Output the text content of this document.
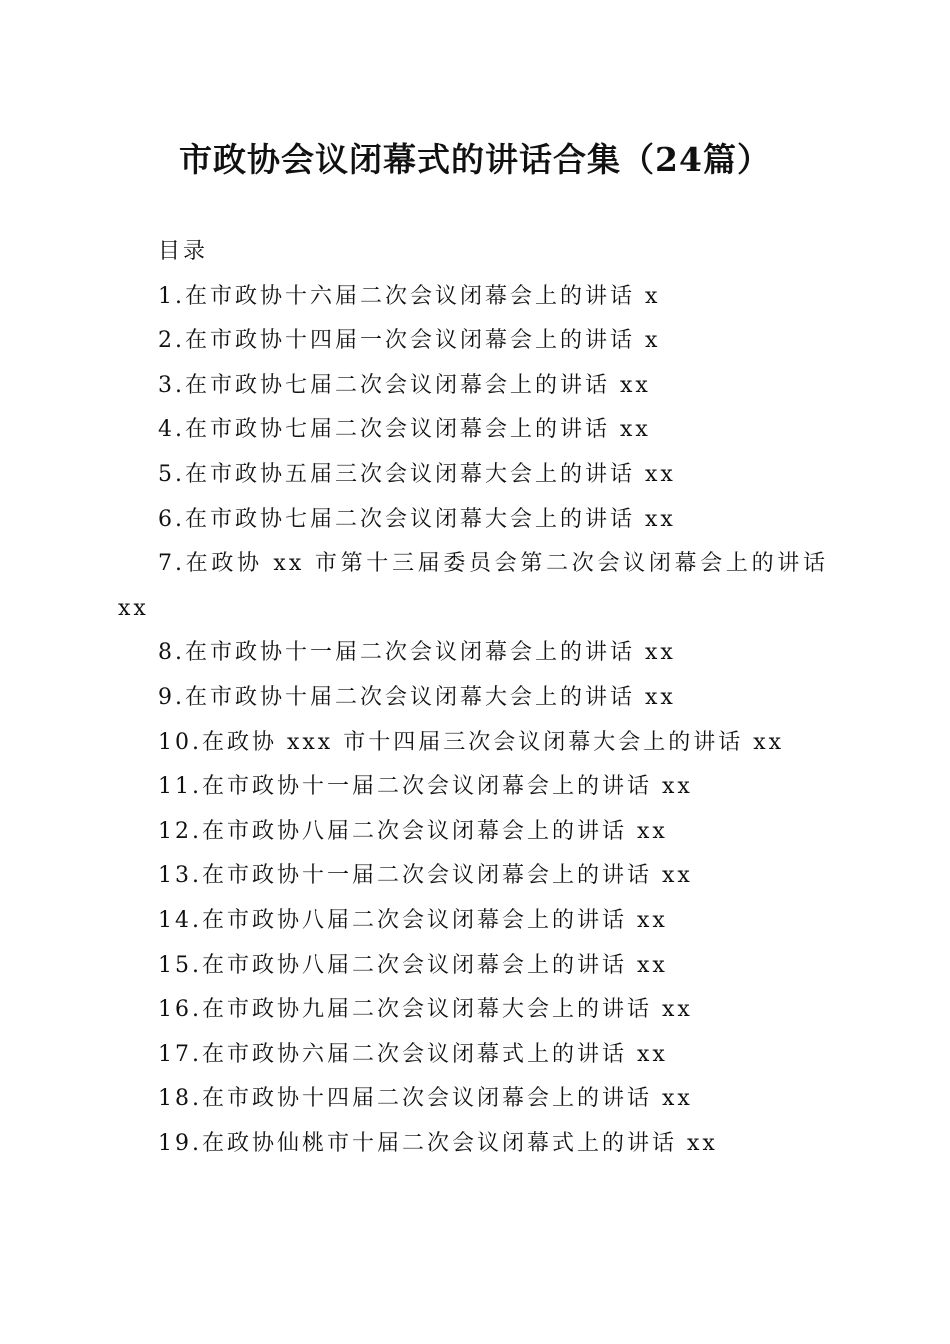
市政协会议闭幕式的讲话合集（24篇）
目录
1.在市政协十六届二次会议闭幕会上的讲话 x
2.在市政协十四届一次会议闭幕会上的讲话 x
3.在市政协七届二次会议闭幕会上的讲话 xx
4.在市政协七届二次会议闭幕会上的讲话 xx
5.在市政协五届三次会议闭幕大会上的讲话 xx
6.在市政协七届二次会议闭幕大会上的讲话 xx
7.在政协 xx 市第十三届委员会第二次会议闭幕会上的讲话 xx
8.在市政协十一届二次会议闭幕会上的讲话 xx
9.在市政协十届二次会议闭幕大会上的讲话 xx
10.在政协 xxx 市十四届三次会议闭幕大会上的讲话 xx
11.在市政协十一届二次会议闭幕会上的讲话 xx
12.在市政协八届二次会议闭幕会上的讲话 xx
13.在市政协十一届二次会议闭幕会上的讲话 xx
14.在市政协八届二次会议闭幕会上的讲话 xx
15.在市政协八届二次会议闭幕会上的讲话 xx
16.在市政协九届二次会议闭幕大会上的讲话 xx
17.在市政协六届二次会议闭幕式上的讲话 xx
18.在市政协十四届二次会议闭幕会上的讲话 xx
19.在政协仙桃市十届二次会议闭幕式上的讲话 xx
